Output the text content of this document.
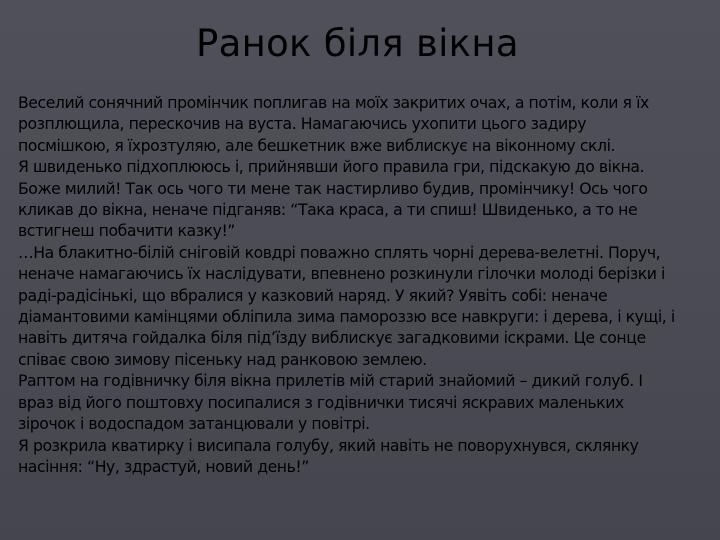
Ранок біля вікна
Веселий сонячний промінчик поплигав на моїх закритих очах, а потім, коли я їх
розплющила, перескочив на вуста. Намагаючись ухопити цього задиру
посмішкою, я їхрозтуляю, але бешкетник вже виблискує на віконному склі.
Я швиденько підхоплююсь і, прийнявши його правила гри, підскакую до вікна.
Боже милий! Так ось чого ти мене так настирливо будив, промінчику! Ось чого
кликав до вікна, неначе підганяв: “Така краса, а ти спиш! Швиденько, а то не
встигнеш побачити казку!”
…На блакитно-білій сніговій ковдрі поважно сплять чорні дерева-велетні. Поруч,
неначе намагаючись їх наслідувати, впевнено розкинули гілочки молоді берізки і
раді-радісінькі, що вбралися у казковий наряд. У який? Уявіть собі: неначе
діамантовими камінцями обліпила зима памороззю все навкруги: і дерева, і кущі, і
навіть дитяча гойдалка біля під’їзду виблискує загадковими іскрами. Це сонце
співає свою зимову пісеньку над ранковою землею.
Раптом на годівничку біля вікна прилетів мій старий знайомий – дикий голуб. І
враз від його поштовху посипалися з годівнички тисячі яскравих маленьких
зірочок і водоспадом затанцювали у повітрі.
Я розкрила кватирку і висипала голубу, який навіть не поворухнувся, склянку
насіння: “Ну, здрастуй, новий день!”
